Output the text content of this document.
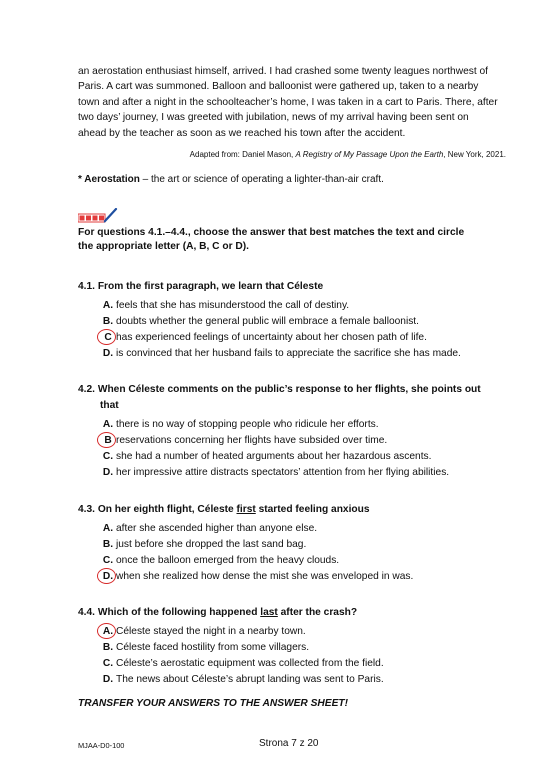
an aerostation enthusiast himself, arrived. I had crashed some twenty leagues northwest of

Paris. A cart was summoned. Balloon and balloonist were gathered up, taken to a nearby

town and after a night in the schoolteacher’s home, I was taken in a cart to Paris. There, after

two days’ journey, I was greeted with jubilation, news of my arrival having been sent on

ahead by the teacher as soon as we reached his town after the accident.

Adapted from: Daniel Mason, A Registry of My Passage Upon the Earth, New York, 2021.
* Aerostation – the art or science of operating a lighter-than-air craft.
For questions 4.1.–4.4., choose the answer that best matches the text and circle
the appropriate letter (A, B, C or D).

4.1. From the first paragraph, we learn that Céleste

A. feels that she has misunderstood the call of destiny.
B. doubts whether the general public will embrace a female balloonist.
C has experienced feelings of uncertainty about her chosen path of life.
D. is convinced that her husband fails to appreciate the sacrifice she has made.

4.2. When Céleste comments on the public’s response to her flights, she points out

that

A. there is no way of stopping people who ridicule her efforts.
B reservations concerning her flights have subsided over time.
C. she had a number of heated arguments about her hazardous ascents.
D. her impressive attire distracts spectators’ attention from her flying abilities.

4.3. On her eighth flight, Céleste first started feeling anxious

A. after she ascended higher than anyone else.
B. just before she dropped the last sand bag.
C. once the balloon emerged from the heavy clouds.
D. when she realized how dense the mist she was enveloped in was.

4.4. Which of the following happened last after the crash?

A. Céleste stayed the night in a nearby town.
B. Céleste faced hostility from some villagers.
C. Céleste’s aerostatic equipment was collected from the field.
D. The news about Céleste’s abrupt landing was sent to Paris.
TRANSFER YOUR ANSWERS TO THE ANSWER SHEET!
MJAA-D0-100	Strona 7 z 20
